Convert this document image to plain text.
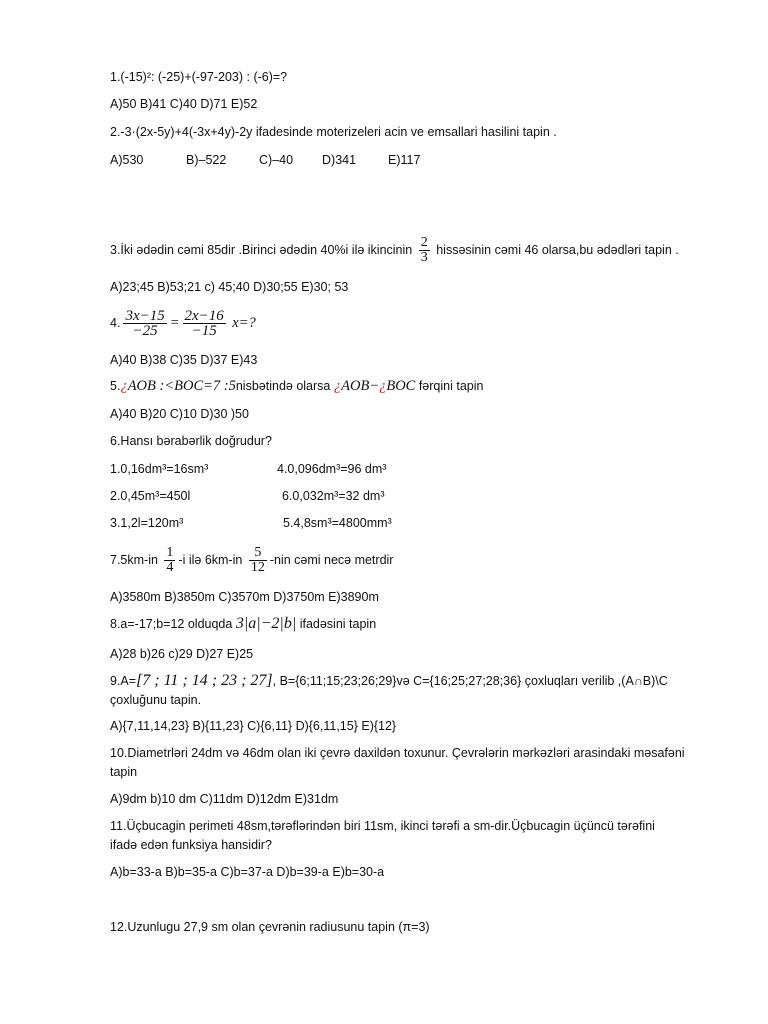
1.(-15)²: (-25)+(-97-203) : (-6)=?
A)50 B)41 C)40 D)71 E)52
2.-3·(2x-5y)+4(-3x+4y)-2y ifadesinde moterizeleri acin ve emsallari hasilini tapin .
A)530	B)–522	C)–40 D)341	E)117
3.İki ədədin cəmi 85dir .Birinci ədədin 40%i ilə ikincinin $\frac{2}{3}$ hissəsinin cəmi 46 olarsa,bu ədədləri tapin .
A)23;45 B)53;21 c) 45;40 D)30;55 E)30; 53
4. $\frac{3x-15}{-25} = \frac{2x-16}{-15} x=$?
A)40 B)38 C)35 D)37 E)43
5.¿AOB :<BOC=7 :5nisbətində olarsa ¿AOB−¿BOC fərqini tapin
A)40 B)20 C)10 D)30 )50
6.Hansı bərabərlik doğrudur?
1.0,16dm³=16sm³	4.0,096dm³=96 dm³
2.0,45m³=450l	6.0,032m³=32 dm³
3.1,2l=120m³	5.4,8sm³=4800mm³
$7.5km-in \frac{1}{4} -i$ ilə $6km-in \frac{5}{12} -nin$ cəmi necə metrdir
A)3580m B)3850m C)3570m D)3750m E)3890m
8.a=-17;b=12 olduqda 3|a|−2|b| ifadəsini tapin
A)28 b)26 c)29 D)27 E)25
9.A=[7 ; 11 ; 14 ; 23 ; 27], B={6;11;15;23;26;29}və C={16;25;27;28;36} çoxluqları verilib ,(A∩B)\C
çoxluğunu tapin.
A){7,11,14,23} B){11,23} C){6,11} D){6,11,15} E){12}
10.Diametrləri 24dm və 46dm olan iki çevrə daxildən toxunur. Çevrələrin mərkəzləri arasindaki məsafəni
tapin
A)9dm b)10 dm C)11dm D)12dm E)31dm
11.Üçbucagin perimeti 48sm,tərəflərindən biri 11sm, ikinci tərəfi a sm-dir.Üçbucagin üçüncü tərəfini
ifadə edən funksiya hansidir?
A)b=33-a B)b=35-a C)b=37-a D)b=39-a E)b=30-a
12.Uzunlugu 27,9 sm olan çevrənin radiusunu tapin (π=3)
